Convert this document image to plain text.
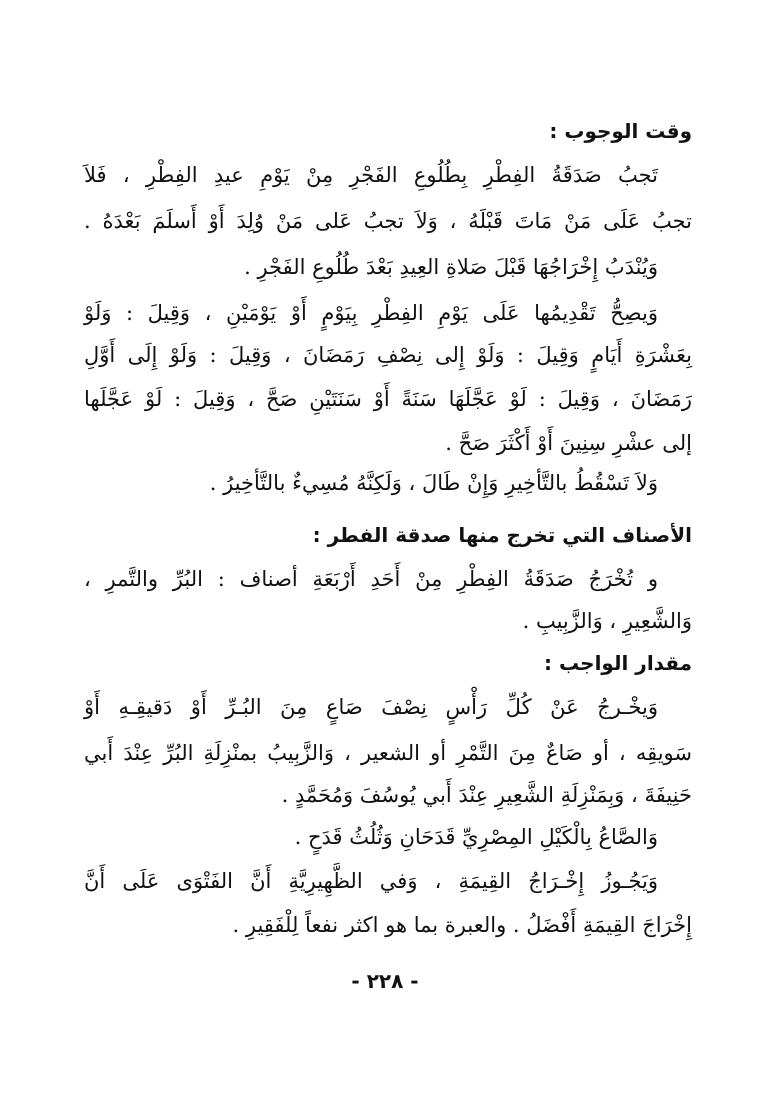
وقت الوجوب :
تَجبُ صَدَقَةُ الفِطْرِ بِطُلُوعِ الفَجْرِ مِنْ يَوْمِ عيدِ الفِطْرِ ، فَلاَ
تجبُ عَلَى مَنْ مَاتَ قَبْلَهُ ، وَلاَ تجبُ عَلى مَنْ وُلِدَ أَوْ أَسلَمَ بَعْدَهُ .
وَيُنْدَبُ إِخْرَاجُهَا قَبْلَ صَلاةِ العِيدِ بَعْدَ طُلُوعِ الفَجْرِ .
وَيصِحُّ تَقْدِيمُها عَلَى يَوْمِ الفِطْرِ بِيَوْمٍ أَوْ يَوْمَيْنِ ، وَقِيلَ : وَلَوْ
بِعَشْرَةِ أَيَامٍ وَقِيلَ : وَلَوْ إِلى نِصْفِ رَمَضَانَ ، وَقِيلَ : وَلَوْ إِلَى أَوَّلِ
رَمَضَانَ ، وَقِيلَ : لَوْ عَجَّلَهَا سَنَةً أَوْ سَنَتَيْنِ صَحَّ ، وَقِيلَ : لَوْ عَجَّلَها
إلى عشْرِ سِنِينَ أَوْ أَكْثَرَ صَحَّ .
وَلاَ تَسْقُطُ بالتَّأخِيرِ وَإِنْ طَالَ ، وَلَكِنَّهُ مُسِيءٌ بالتَّأخِيرُ .
الأصناف التي تخرج منها صدقة الفطر :
و تُخْرَجُ صَدَقَةُ الفِطْرِ مِنْ أَحَدِ أَرْبَعَةِ أصناف : البُرِّ والتَّمرِ ،
وَالشَّعِيرِ ، وَالزَّبِيبِ .
مقدار الواجب :
وَيخْـرجُ عَنْ كُلِّ رَأْسٍ نِصْفَ صَاعٍ مِنَ البُـرِّ أَوْ دَقيقِـهِ أَوْ
سَويقِه ، أو صَاعٌ مِنَ التَّمْرِ أو الشعير ، وَالزَّبِيبُ بمنْزِلَةِ البُرِّ عِنْدَ أَبي
حَنِيفَةَ ، وَبِمَنْزِلَةِ الشَّعِيرِ عِنْدَ أَبي يُوسُفَ وَمُحَمَّدٍ .
وَالصَّاعُ بِالْكَيْلِ المِصْرِيِّ قَدَحَانِ وَثُلُثُ قَدَحٍ .
وَيَجُـوزُ إِخْـرَاجُ القِيمَةِ ، وَفي الظَّهِيرِيَّةِ أَنَّ الفَتْوَى عَلَى أَنَّ
إِخْرَاجَ القِيمَةِ أَفْضَلُ . والعبرة بما هو اكثر نفعاً لِلْفَقِيرِ .
- ٢٢٨ -
